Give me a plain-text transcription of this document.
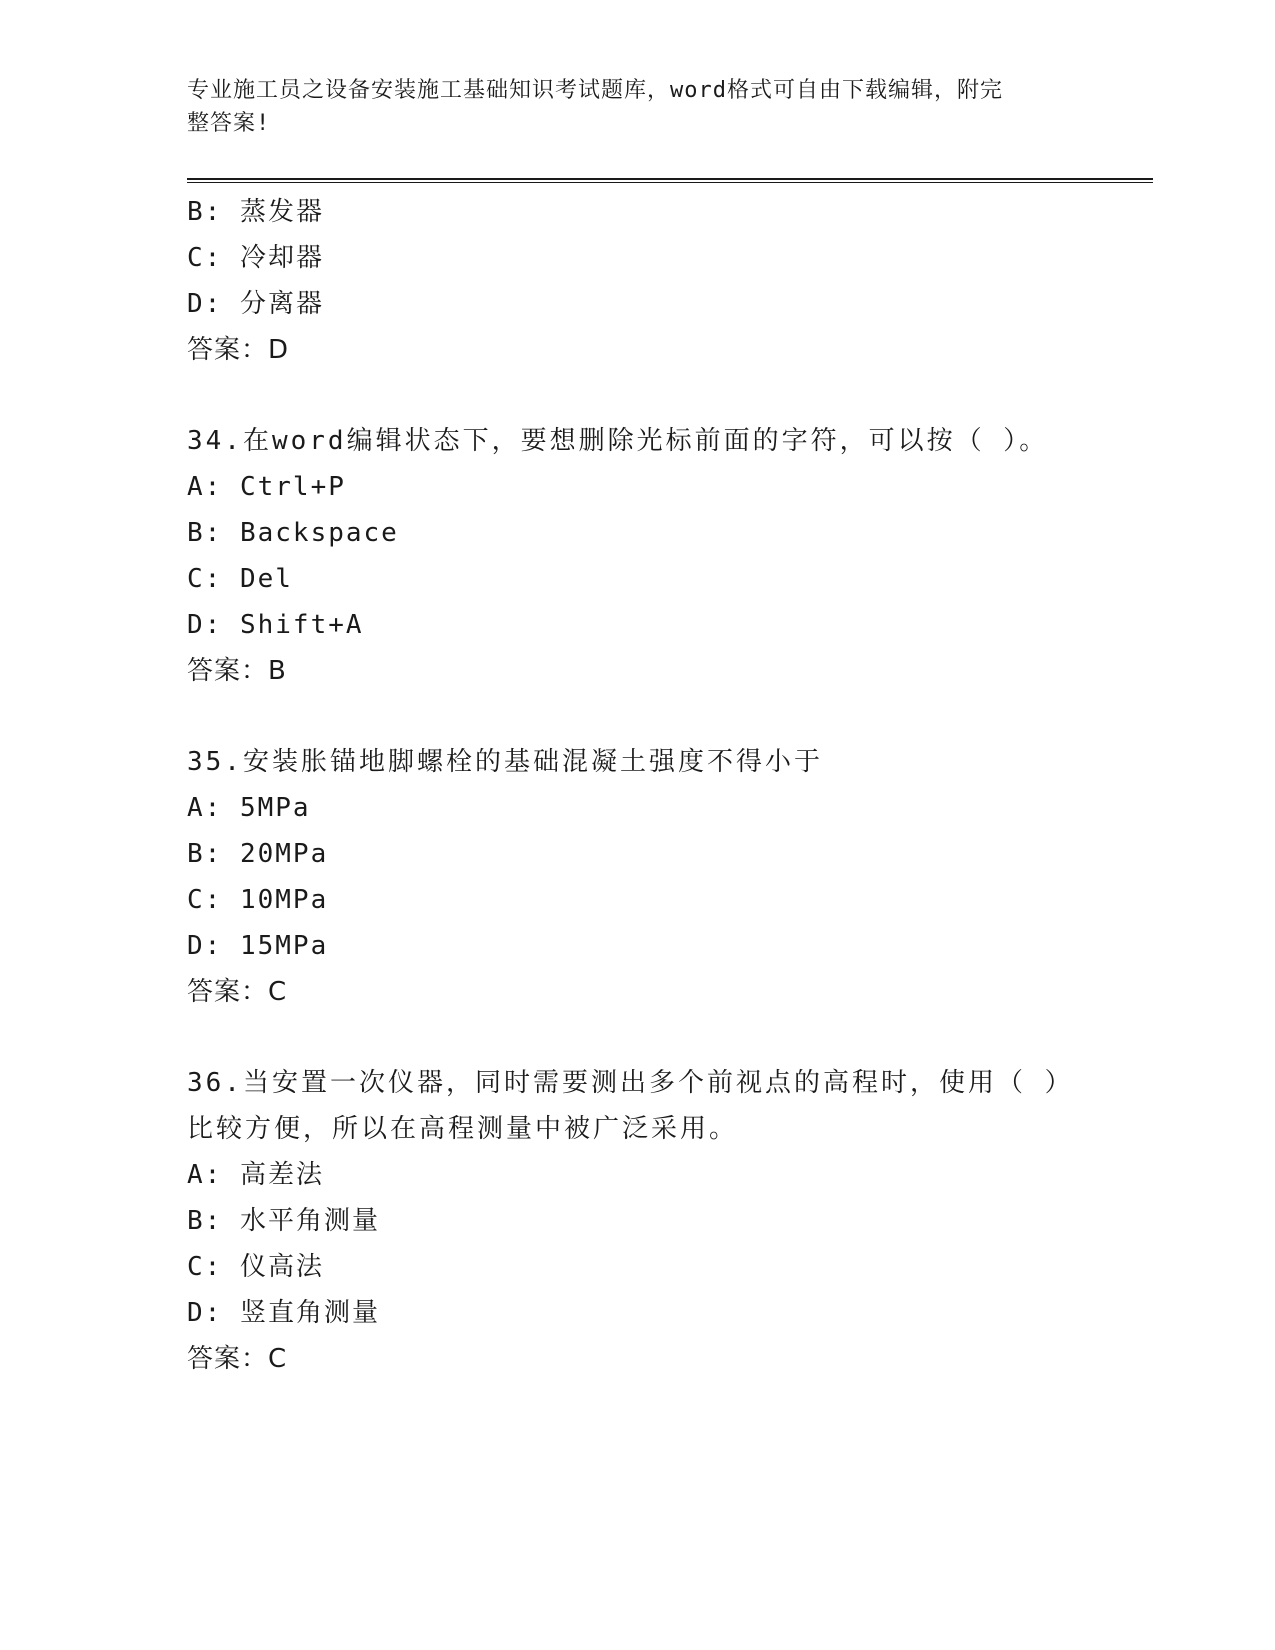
专业施工员之设备安装施工基础知识考试题库，word格式可自由下载编辑，附完
整答案!
B: 蒸发器
C: 冷却器
D: 分离器
答案：D
34.在word编辑状态下，要想删除光标前面的字符，可以按（ ）。
A: Ctrl+P
B: Backspace
C: Del
D: Shift+A
答案：B
35.安装胀锚地脚螺栓的基础混凝土强度不得小于
A: 5MPa
B: 20MPa
C: 10MPa
D: 15MPa
答案：C
36.当安置一次仪器，同时需要测出多个前视点的高程时，使用（ ）
比较方便，所以在高程测量中被广泛采用。
A: 高差法
B: 水平角测量
C: 仪高法
D: 竖直角测量
答案：C
